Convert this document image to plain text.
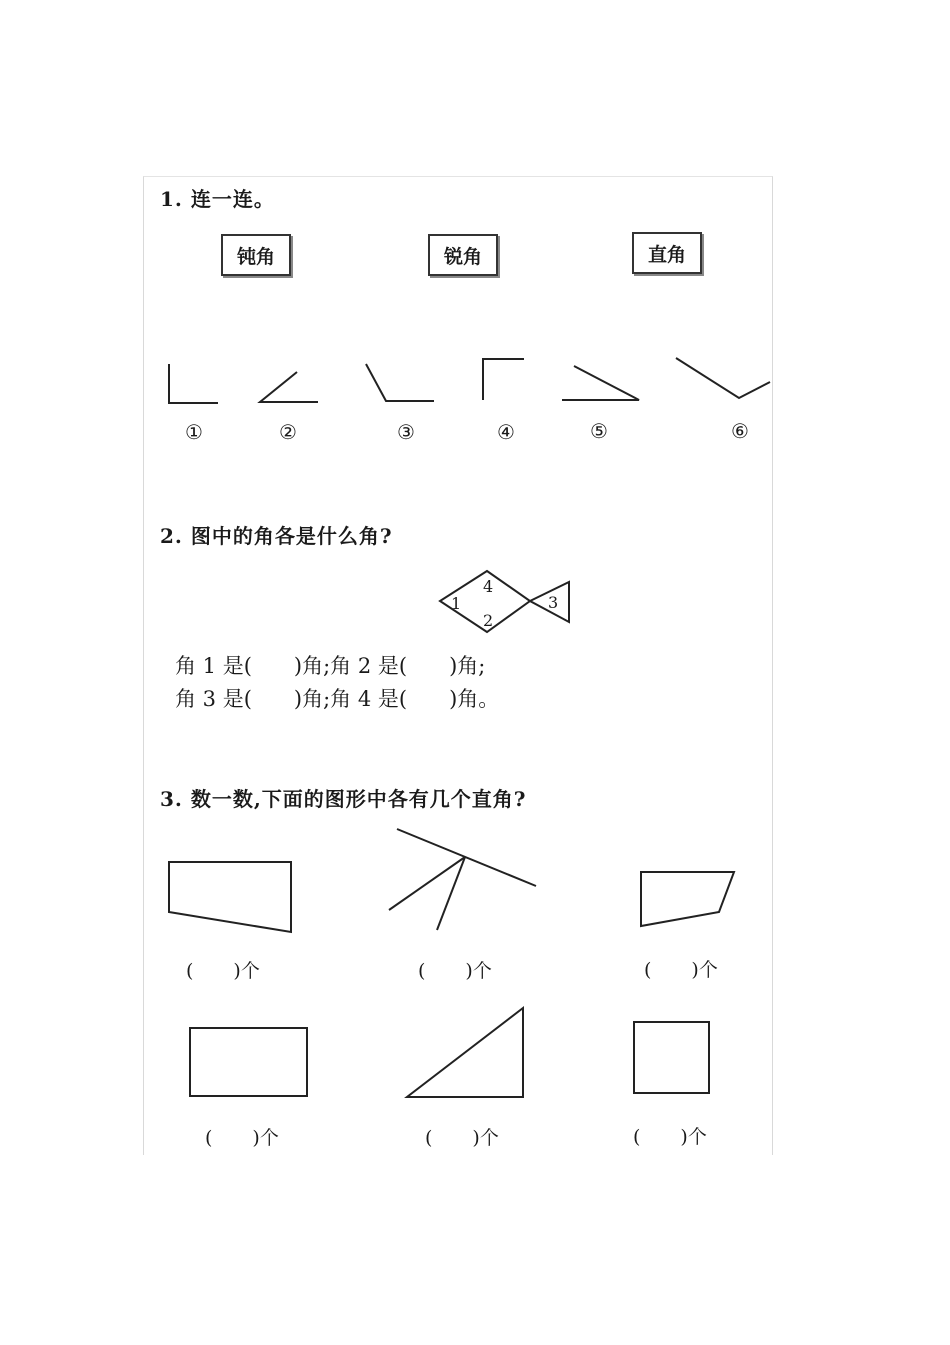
1. 连一连。
钝角	锐角	直角
①	②	③	④	⑤	⑥
2. 图中的角各是什么角?
1
2
3
4
角 1 是( )角;角 2 是( )角;
角 3 是( )角;角 4 是( )角。
3. 数一数,下面的图形中各有几个直角?
( )个	( )个	( )个
( )个	( )个	( )个
